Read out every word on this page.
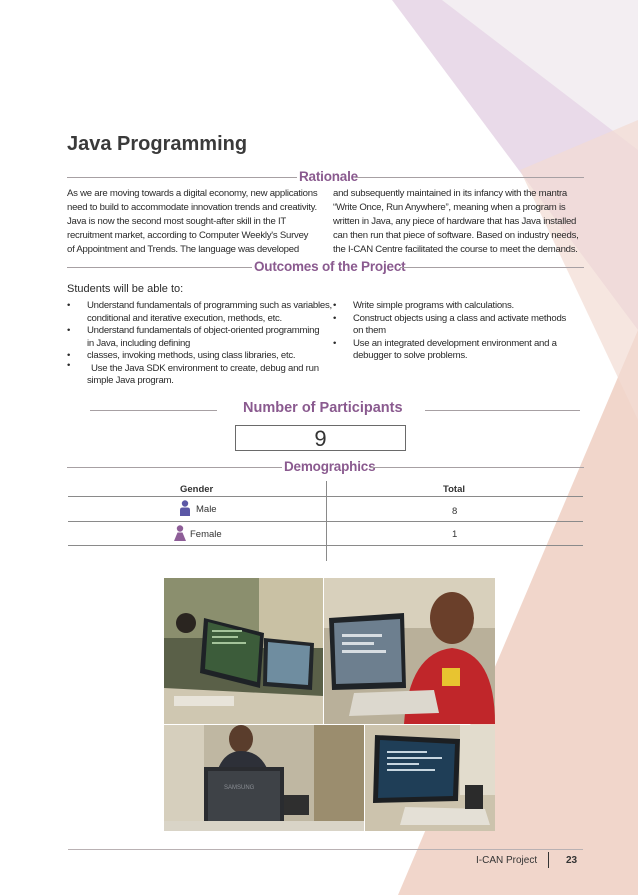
Java Programming
Rationale
As we are moving towards a digital economy, new applications
need to build to accommodate innovation trends and creativity.
Java is now the second most sought-after skill in the IT
recruitment market, according to Computer Weekly's Survey
of Appointment and Trends. The language was developed
and subsequently maintained in its infancy with the mantra
“Write Once, Run Anywhere”, meaning when a program is
written in Java, any piece of hardware that has Java installed
can then run that piece of software. Based on industry needs,
the I-CAN Centre facilitated the course to meet the demands.
Outcomes of the Project
Students will be able to:
• Understand fundamentals of programming such as variables,
conditional and iterative execution, methods, etc.
• Understand fundamentals of object-oriented programming
in Java, including defining
• classes, invoking methods, using class libraries, etc.
•	Use the Java SDK environment to create, debug and run
simple Java program.
• Write simple programs with calculations.
• Construct objects using a class and activate methods
on them
• Use an integrated development environment and a
debugger to solve problems.
Number of Participants
9
Demographics
Gender	Total
Male	8
Female	1
SAMSUNG
I-CAN Project	23
